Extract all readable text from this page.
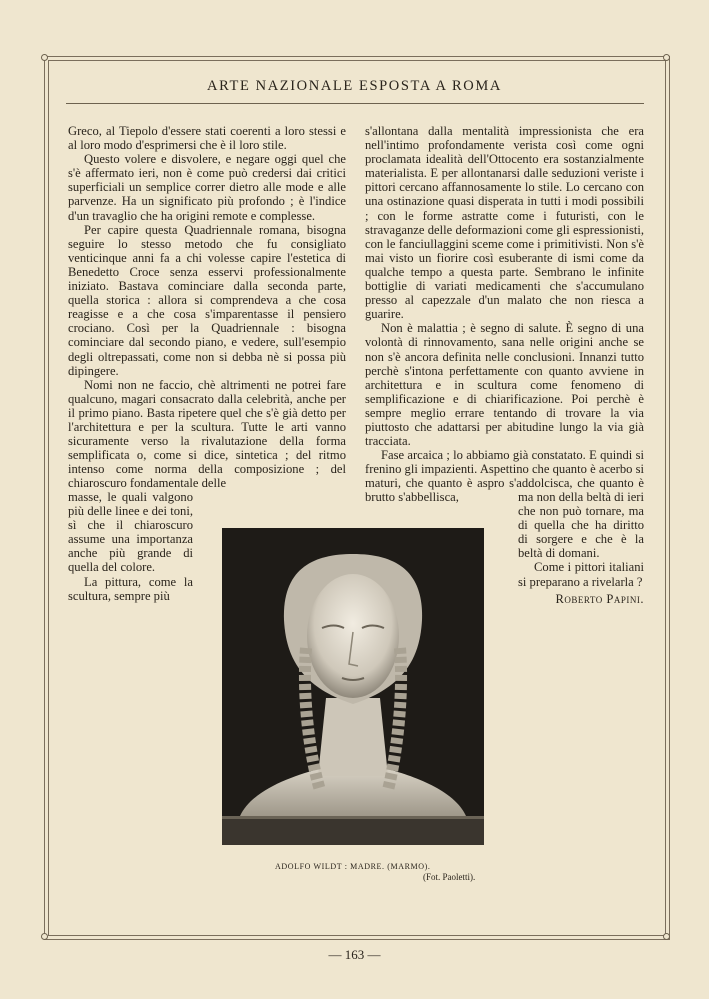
ARTE NAZIONALE ESPOSTA A ROMA

Greco, al Tiepolo d'essere stati coerenti a loro stessi e al loro modo d'esprimersi che è il loro stile.

Questo volere e disvolere, e negare oggi quel che s'è affermato ieri, non è come può credersi dai critici superficiali un semplice correr dietro alle mode e alle parvenze. Ha un significato più profondo ; è l'indice d'un travaglio che ha origini remote e complesse.

Per capire questa Quadriennale romana, bisogna seguire lo stesso metodo che fu consigliato venticinque anni fa a chi volesse capire l'estetica di Benedetto Croce senza esservi professionalmente iniziato. Bastava cominciare dalla seconda parte, quella storica : allora si comprendeva a che cosa reagisse e a che cosa s'imparentasse il pensiero crociano. Così per la Quadriennale : bisogna cominciare dal secondo piano, e vedere, sull'esempio degli oltrepassati, come non si debba nè si possa più dipingere.

Nomi non ne faccio, chè altrimenti ne potrei fare qualcuno, magari consacrato dalla celebrità, anche per il primo piano. Basta ripetere quel che s'è già detto per l'architettura e per la scultura. Tutte le arti vanno sicuramente verso la rivalutazione della forma semplificata o, come si dice, sintetica ; del ritmo intenso come norma della composizione ; del chiaroscuro fondamentale delle

masse, le quali valgono più delle linee e dei toni, sì che il chiaroscuro assume una importanza anche più grande di quella del colore.

La pittura, come la scultura, sempre più

s'allontana dalla mentalità impressionista che era nell'intimo profondamente verista così come ogni proclamata idealità dell'Ottocento era sostanzialmente materialista. E per allontanarsi dalle seduzioni veriste i pittori cercano affannosamente lo stile. Lo cercano con una ostinazione quasi disperata in tutti i modi possibili ; con le forme astratte come i futuristi, con le stravaganze delle deformazioni come gli espressionisti, con le fanciullaggini sceme come i primitivisti. Non s'è mai visto un fiorire così esuberante di ismi come da qualche tempo a questa parte. Sembrano le infinite bottiglie di variati medicamenti che s'accumulano presso al capezzale d'un malato che non riesca a guarire.

Non è malattia ; è segno di salute. È segno di una volontà di rinnovamento, sana nelle origini anche se non s'è ancora definita nelle conclusioni. Innanzi tutto perchè s'intona perfettamente con quanto avviene in architettura e in scultura come fenomeno di semplificazione e di chiarificazione. Poi perchè è sempre meglio errare tentando di trovare la via piuttosto che adattarsi per abitudine lungo la via già tracciata.

Fase arcaica ; lo abbiamo già constatato. E quindi si frenino gli impazienti. Aspettino che quanto è acerbo si maturi, che quanto è aspro s'addolcisca, che quanto è brutto s'abbellisca,	ma non della beltà di ieri che non può tornare, ma di quella che ha diritto di sorgere e che è la beltà di domani.

Come i pittori italiani si preparano a rivelarla ?

Roberto Papini.
ADOLFO WILDT : MADRE. (MARMO).
(Fot. Paoletti).
— 163 —
